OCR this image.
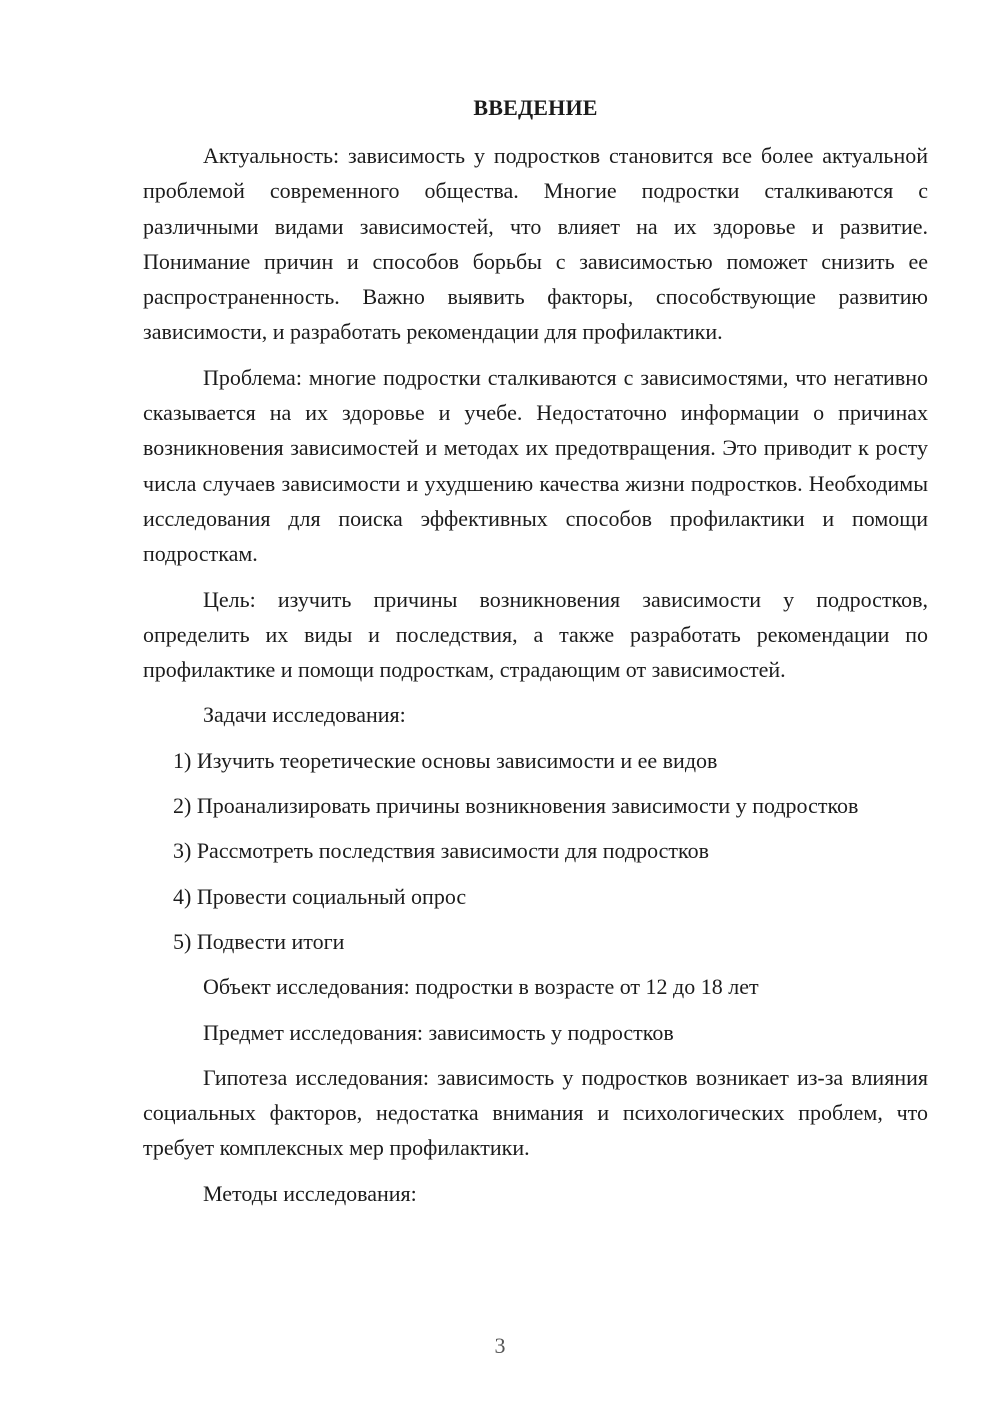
ВВЕДЕНИЕ

Актуальность: зависимость у подростков становится все более актуальной проблемой современного общества. Многие подростки сталкиваются с различными видами зависимостей, что влияет на их здоровье и развитие. Понимание причин и способов борьбы с зависимостью поможет снизить ее распространенность. Важно выявить факторы, способствующие развитию зависимости, и разработать рекомендации для профилактики.

Проблема: многие подростки сталкиваются с зависимостями, что негативно сказывается на их здоровье и учебе. Недостаточно информации о причинах возникновения зависимостей и методах их предотвращения. Это приводит к росту числа случаев зависимости и ухудшению качества жизни подростков. Необходимы исследования для поиска эффективных способов профилактики и помощи подросткам.

Цель: изучить причины возникновения зависимости у подростков, определить их виды и последствия, а также разработать рекомендации по профилактике и помощи подросткам, страдающим от зависимостей.

Задачи исследования:

1) Изучить теоретические основы зависимости и ее видов

2) Проанализировать причины возникновения зависимости у подростков

3) Рассмотреть последствия зависимости для подростков

4) Провести социальный опрос

5) Подвести итоги

Объект исследования: подростки в возрасте от 12 до 18 лет

Предмет исследования: зависимость у подростков

Гипотеза исследования: зависимость у подростков возникает из-за влияния социальных факторов, недостатка внимания и психологических проблем, что требует комплексных мер профилактики.

Методы исследования:

3
